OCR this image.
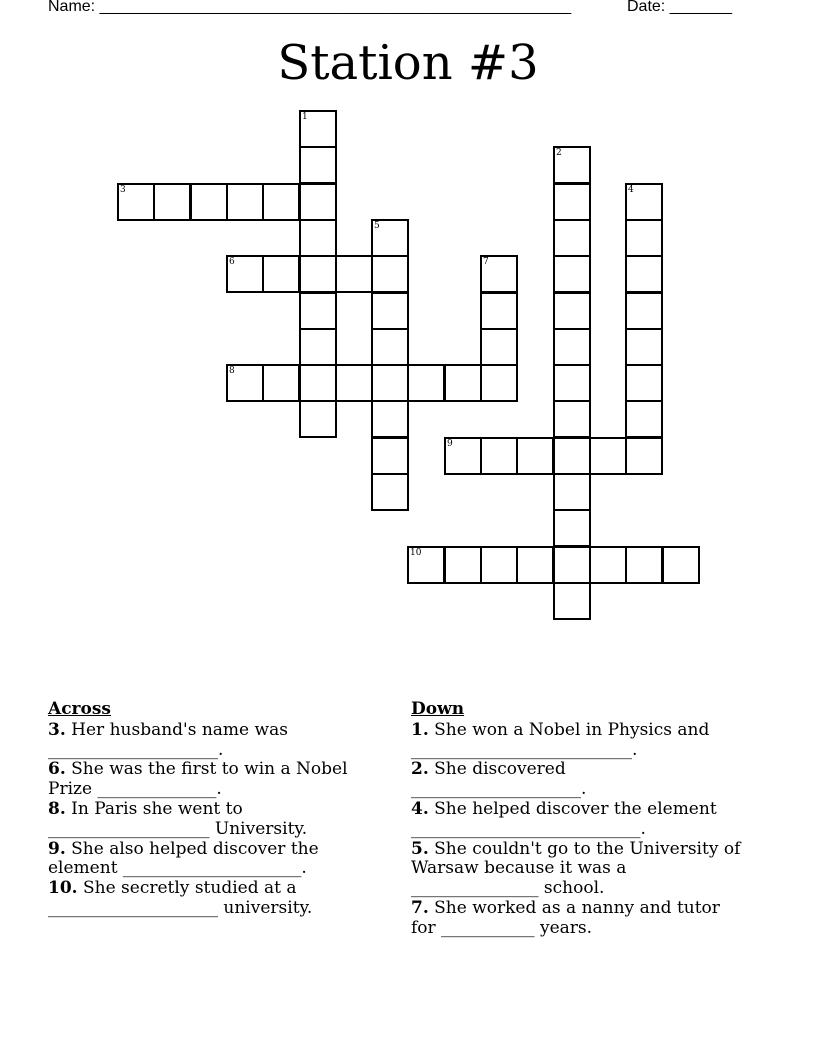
Name: _____________________________________________________	Date: _______
Station #3
1
2
3	4
5
6	7
8
9
10
Across
3. Her husband's name was ____________________.
6. She was the first to win a Nobel Prize ______________.
8. In Paris she went to ___________________ University.
9. She also helped discover the element _____________________.
10. She secretly studied at a ____________________ university.
Down
1. She won a Nobel in Physics and __________________________.
2. She discovered ____________________.
4. She helped discover the element ___________________________.
5. She couldn't go to the University of Warsaw because it was a _______________ school.
7. She worked as a nanny and tutor for ___________ years.
